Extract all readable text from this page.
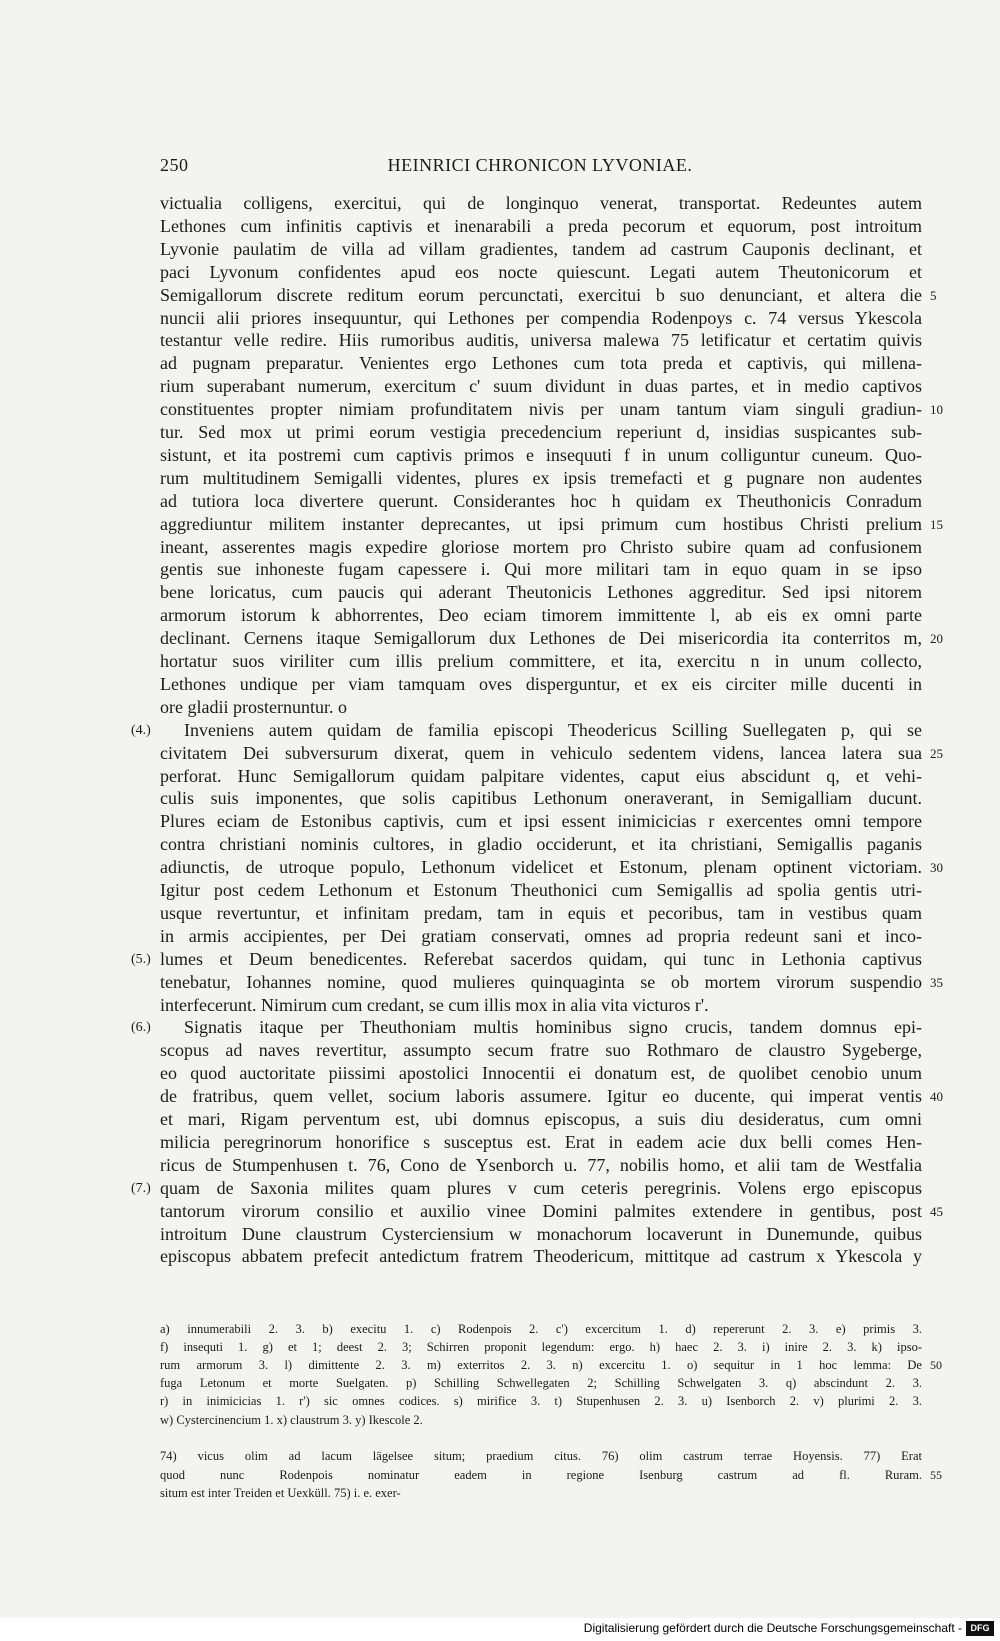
250	HEINRICI CHRONICON LYVONIAE.
victualia colligens, exercitui, qui de longinquo venerat, transportat. Redeuntes autem
Lethones cum infinitis captivis et inenarabili a preda pecorum et equorum, post introitum
Lyvonie paulatim de villa ad villam gradientes, tandem ad castrum Cauponis declinant, et
paci Lyvonum confidentes apud eos nocte quiescunt. Legati autem Theutonicorum et
Semigallorum discrete reditum eorum percunctati, exercitui b suo denunciant, et altera die 5
nuncii alii priores insequuntur, qui Lethones per compendia Rodenpoys c. 74 versus Ykescola
testantur velle redire. Hiis rumoribus auditis, universa malewa 75 letificatur et certatim quivis
ad pugnam preparatur. Venientes ergo Lethones cum tota preda et captivis, qui millena-
rium superabant numerum, exercitum c' suum dividunt in duas partes, et in medio captivos
constituentes propter nimiam profunditatem nivis per unam tantum viam singuli gradiun- 10
tur. Sed mox ut primi eorum vestigia precedencium reperiunt d, insidias suspicantes sub-
sistunt, et ita postremi cum captivis primos e insequuti f in unum colliguntur cuneum. Quo-
rum multitudinem Semigalli videntes, plures ex ipsis tremefacti et g pugnare non audentes
ad tutiora loca divertere querunt. Considerantes hoc h quidam ex Theuthonicis Conradum
aggrediuntur militem instanter deprecantes, ut ipsi primum cum hostibus Christi prelium 15
ineant, asserentes magis expedire gloriose mortem pro Christo subire quam ad confusionem
gentis sue inhoneste fugam capessere i. Qui more militari tam in equo quam in se ipso
bene loricatus, cum paucis qui aderant Theutonicis Lethones aggreditur. Sed ipsi nitorem
armorum istorum k abhorrentes, Deo eciam timorem immittente l, ab eis ex omni parte
declinant. Cernens itaque Semigallorum dux Lethones de Dei misericordia ita conterritos m, 20
hortatur suos viriliter cum illis prelium committere, et ita, exercitu n in unum collecto,
Lethones undique per viam tamquam oves disperguntur, et ex eis circiter mille ducenti in
ore gladii prosternuntur. o
Inveniens autem quidam de familia episcopi Theodericus Scilling Suellegaten p, qui se
(4.)
civitatem Dei subversurum dixerat, quem in vehiculo sedentem videns, lancea latera sua 25
perforat. Hunc Semigallorum quidam palpitare videntes, caput eius abscidunt q, et vehi-
culis suis imponentes, que solis capitibus Lethonum oneraverant, in Semigalliam ducunt.
Plures eciam de Estonibus captivis, cum et ipsi essent inimicicias r exercentes omni tempore
contra christiani nominis cultores, in gladio occiderunt, et ita christiani, Semigallis paganis
adiunctis, de utroque populo, Lethonum videlicet et Estonum, plenam optinent victoriam. 30
Igitur post cedem Lethonum et Estonum Theuthonici cum Semigallis ad spolia gentis utri-
usque revertuntur, et infinitam predam, tam in equis et pecoribus, tam in vestibus quam
in armis accipientes, per Dei gratiam conservati, omnes ad propria redeunt sani et inco-
lumes et Deum benedicentes. Referebat sacerdos quidam, qui tunc in Lethonia captivus
(5.)
tenebatur, Iohannes nomine, quod mulieres quinquaginta se ob mortem virorum suspendio 35
interfecerunt. Nimirum cum credant, se cum illis mox in alia vita victuros r'.
Signatis itaque per Theuthoniam multis hominibus signo crucis, tandem domnus epi-
(6.)
scopus ad naves revertitur, assumpto secum fratre suo Rothmaro de claustro Sygeberge,
eo quod auctoritate piissimi apostolici Innocentii ei donatum est, de quolibet cenobio unum
de fratribus, quem vellet, socium laboris assumere. Igitur eo ducente, qui imperat ventis 40
et mari, Rigam perventum est, ubi domnus episcopus, a suis diu desideratus, cum omni
milicia peregrinorum honorifice s susceptus est. Erat in eadem acie dux belli comes Hen-
ricus de Stumpenhusen t. 76, Cono de Ysenborch u. 77, nobilis homo, et alii tam de Westfalia
quam de Saxonia milites quam plures v cum ceteris peregrinis. Volens ergo episcopus
(7.)
tantorum virorum consilio et auxilio vinee Domini palmites extendere in gentibus, post 45
introitum Dune claustrum Cysterciensium w monachorum locaverunt in Dunemunde, quibus
episcopus abbatem prefecit antedictum fratrem Theodericum, mittitque ad castrum x Ykescola y
a) innumerabili 2. 3. b) execitu 1. c) Rodenpois 2. c') excercitum 1. d) repererunt 2. 3. e) primis 3.
f) insequti 1. g) et 1; deest 2. 3; Schirren proponit legendum: ergo. h) haec 2. 3. i) inire 2. 3. k) ipso-
rum armorum 3. l) dimittente 2. 3. m) exterritos 2. 3. n) excercitu 1. o) sequitur in 1 hoc lemma: De 50
fuga Letonum et morte Suelgaten. p) Schilling Schwellegaten 2; Schilling Schwelgaten 3. q) abscindunt 2. 3.
r) in inimicicias 1. r') sic omnes codices. s) mirifice 3. t) Stupenhusen 2. 3. u) Isenborch 2. v) plurimi 2. 3.
w) Cystercinencium 1. x) claustrum 3. y) Ikescole 2.
74) vicus olim ad lacum lägelsee situm; praedium citus. 76) olim castrum terrae Hoyensis. 77) Erat
quod nunc Rodenpois nominatur eadem in regione Isenburg castrum ad fl. Ruram. 55
situm est inter Treiden et Uexküll. 75) i. e. exer-
Digitalisierung gefördert durch die Deutsche Forschungsgemeinschaft - DFG
